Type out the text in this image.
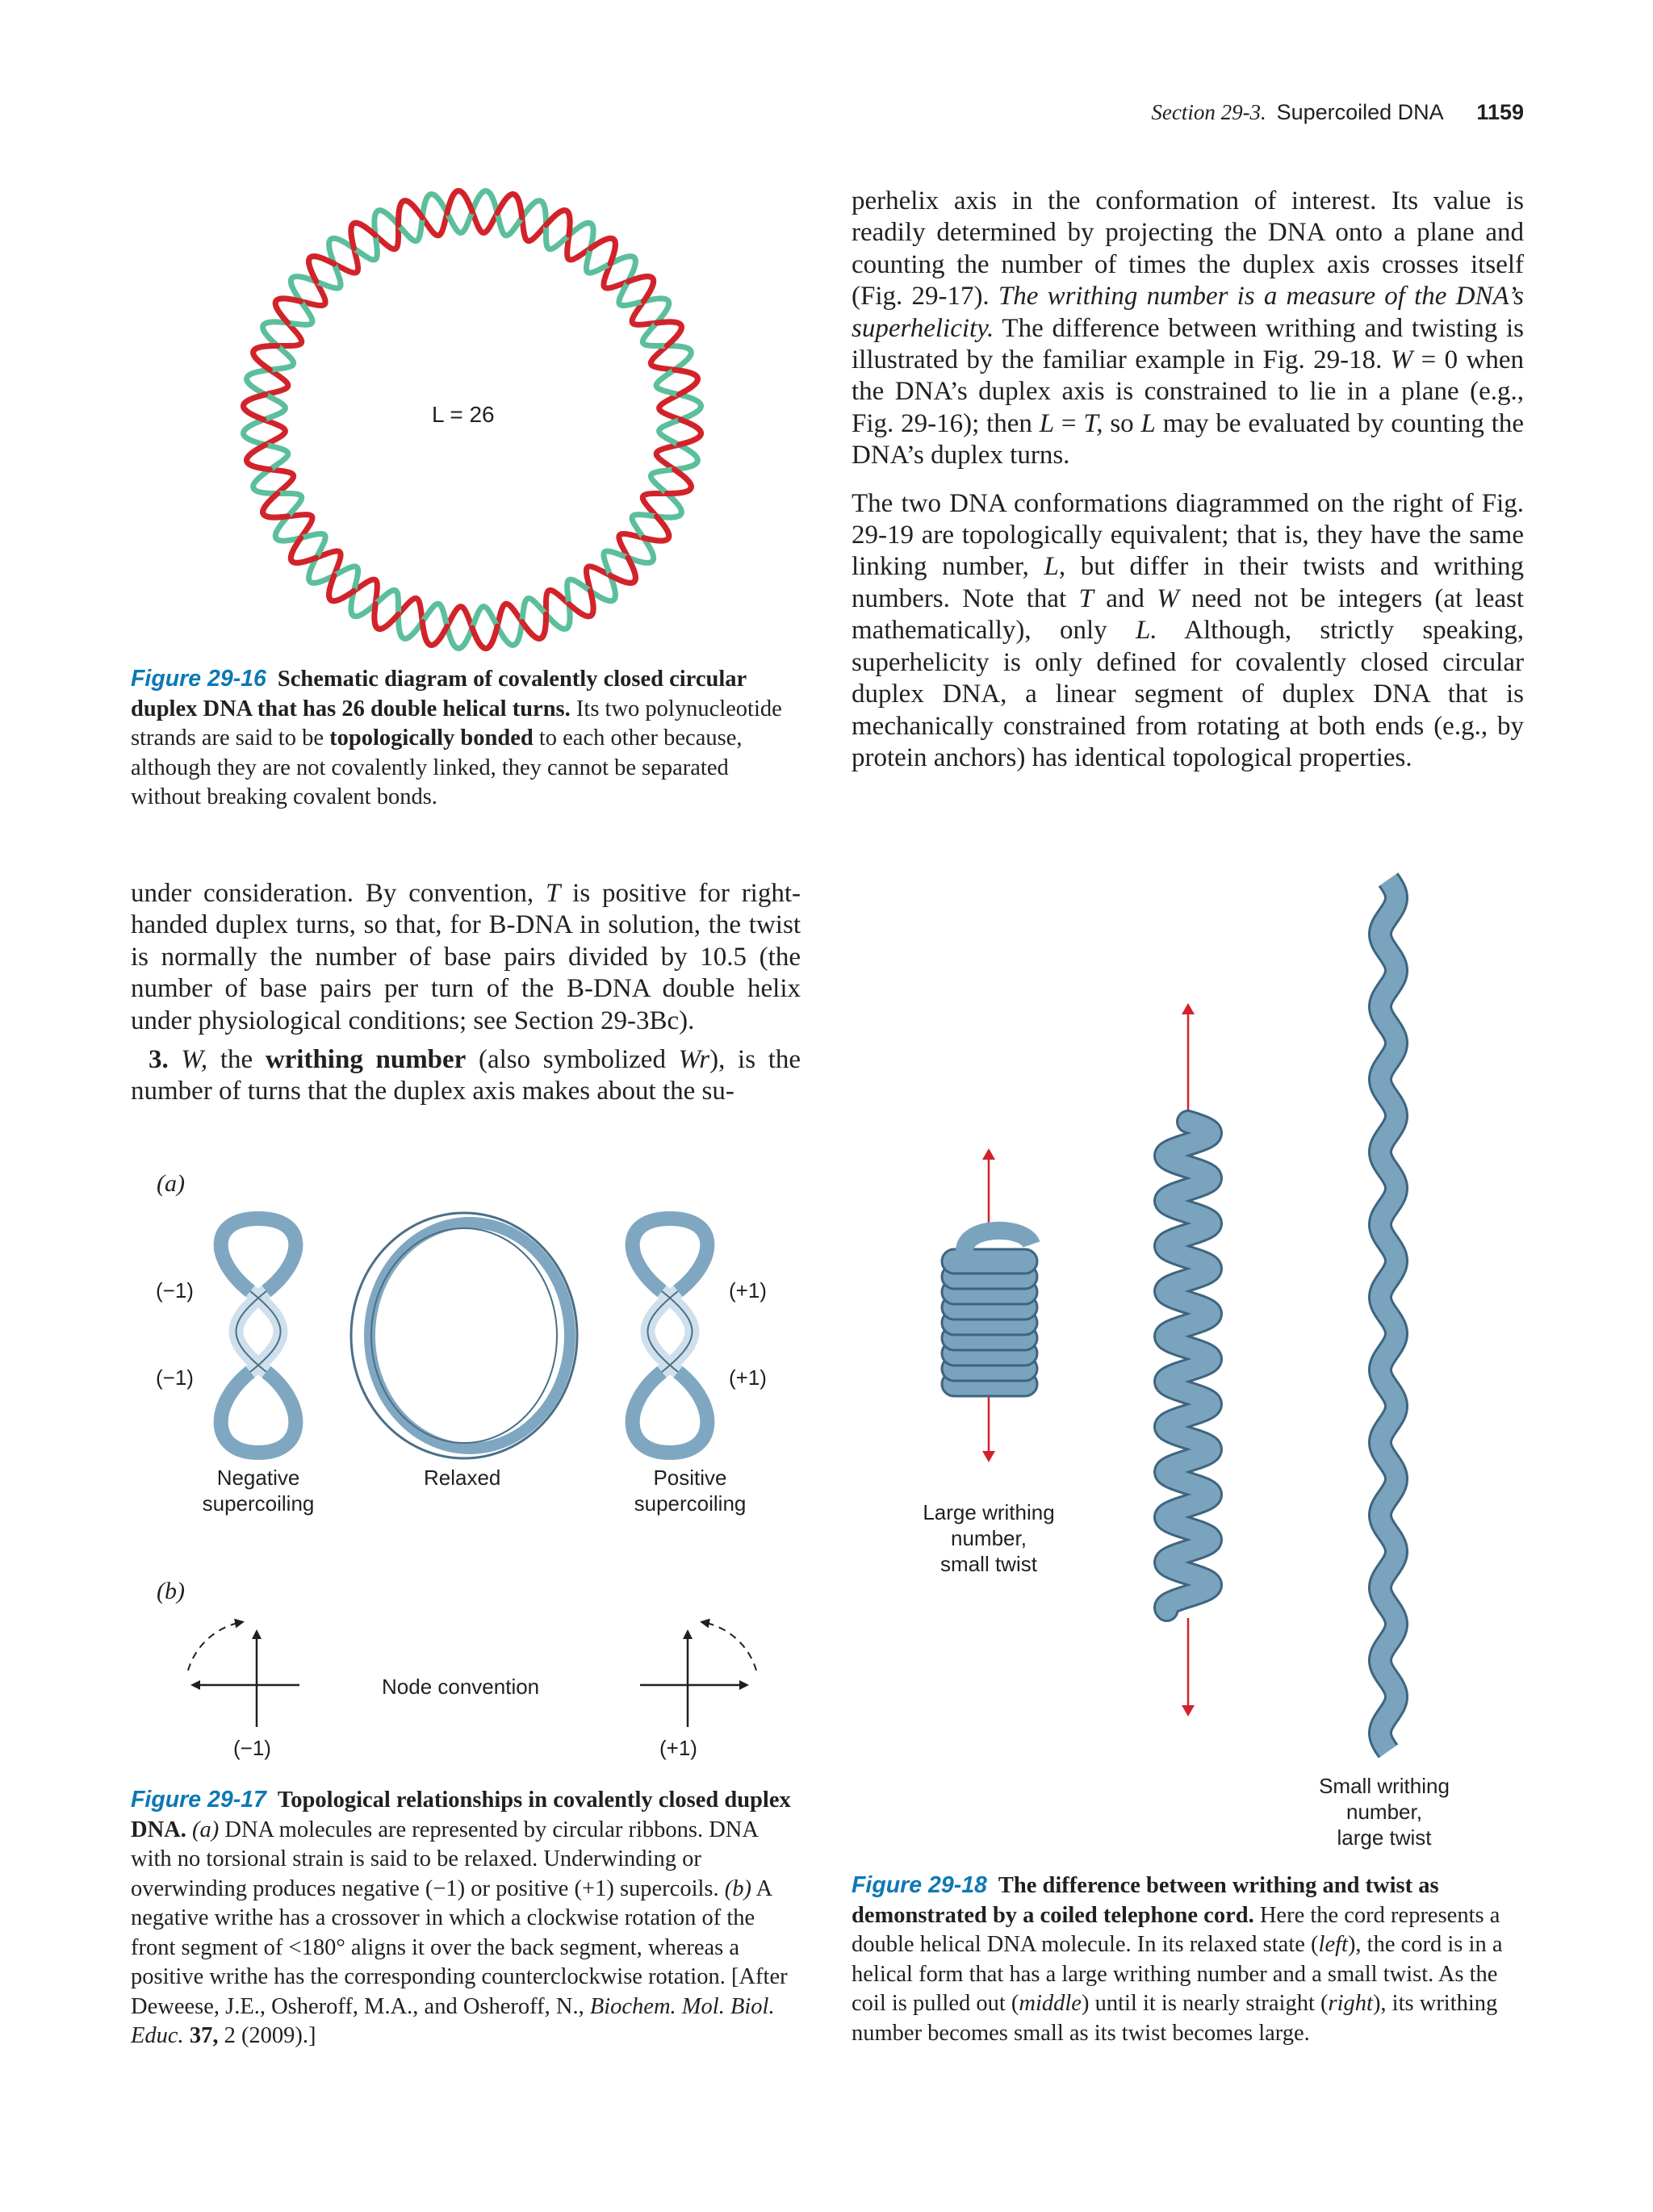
Section 29-3. Supercoiled DNA 1159
L = 26
Figure 29-16 Schematic diagram of covalently closed circular duplex DNA that has 26 double helical turns. Its two polynucleotide strands are said to be topologically bonded to each other because, although they are not covalently linked, they cannot be separated without breaking covalent bonds.

perhelix axis in the conformation of interest. Its value is readily determined by projecting the DNA onto a plane and counting the number of times the duplex axis crosses itself (Fig. 29-17). The writhing number is a measure of the DNA’s superhelicity. The difference between writhing and twisting is illustrated by the familiar example in Fig. 29-18. W = 0 when the DNA’s duplex axis is constrained to lie in a plane (e.g., Fig. 29-16); then L = T, so L may be evaluated by counting the DNA’s duplex turns.

The two DNA conformations diagrammed on the right of Fig. 29-19 are topologically equivalent; that is, they have the same linking number, L, but differ in their twists and writhing numbers. Note that T and W need not be integers (at least mathematically), only L. Although, strictly speaking, superhelicity is only defined for covalently closed circular duplex DNA, a linear segment of duplex DNA that is mechanically constrained from rotating at both ends (e.g., by protein anchors) has identical topological properties.

under consideration. By convention, T is positive for right-handed duplex turns, so that, for B-DNA in solution, the twist is normally the number of base pairs divided by 10.5 (the number of base pairs per turn of the B-DNA double helix under physiological conditions; see Section 29-3Bc).

3. W, the writhing number (also symbolized Wr), is the number of turns that the duplex axis makes about the su-

(a)
(−1)
(−1)
(+1)
(+1)
Negative
supercoiling
Relaxed	Positive
supercoiling
(b)
Node convention
(−1)	(+1)
Figure 29-17 Topological relationships in covalently closed duplex DNA. (a) DNA molecules are represented by circular ribbons. DNA with no torsional strain is said to be relaxed. Underwinding or overwinding produces negative (−1) or positive (+1) supercoils. (b) A negative writhe has a crossover in which a clockwise rotation of the front segment of <180° aligns it over the back segment, whereas a positive writhe has the corresponding counterclockwise rotation. [After Deweese, J.E., Osheroff, M.A., and Osheroff, N., Biochem. Mol. Biol. Educ. 37, 2 (2009).]
Large writhing
number,
small twist
Small writhing
number,
large twist
Figure 29-18 The difference between writhing and twist as demonstrated by a coiled telephone cord. Here the cord represents a double helical DNA molecule. In its relaxed state (left), the cord is in a helical form that has a large writhing number and a small twist. As the coil is pulled out (middle) until it is nearly straight (right), its writhing number becomes small as its twist becomes large.
